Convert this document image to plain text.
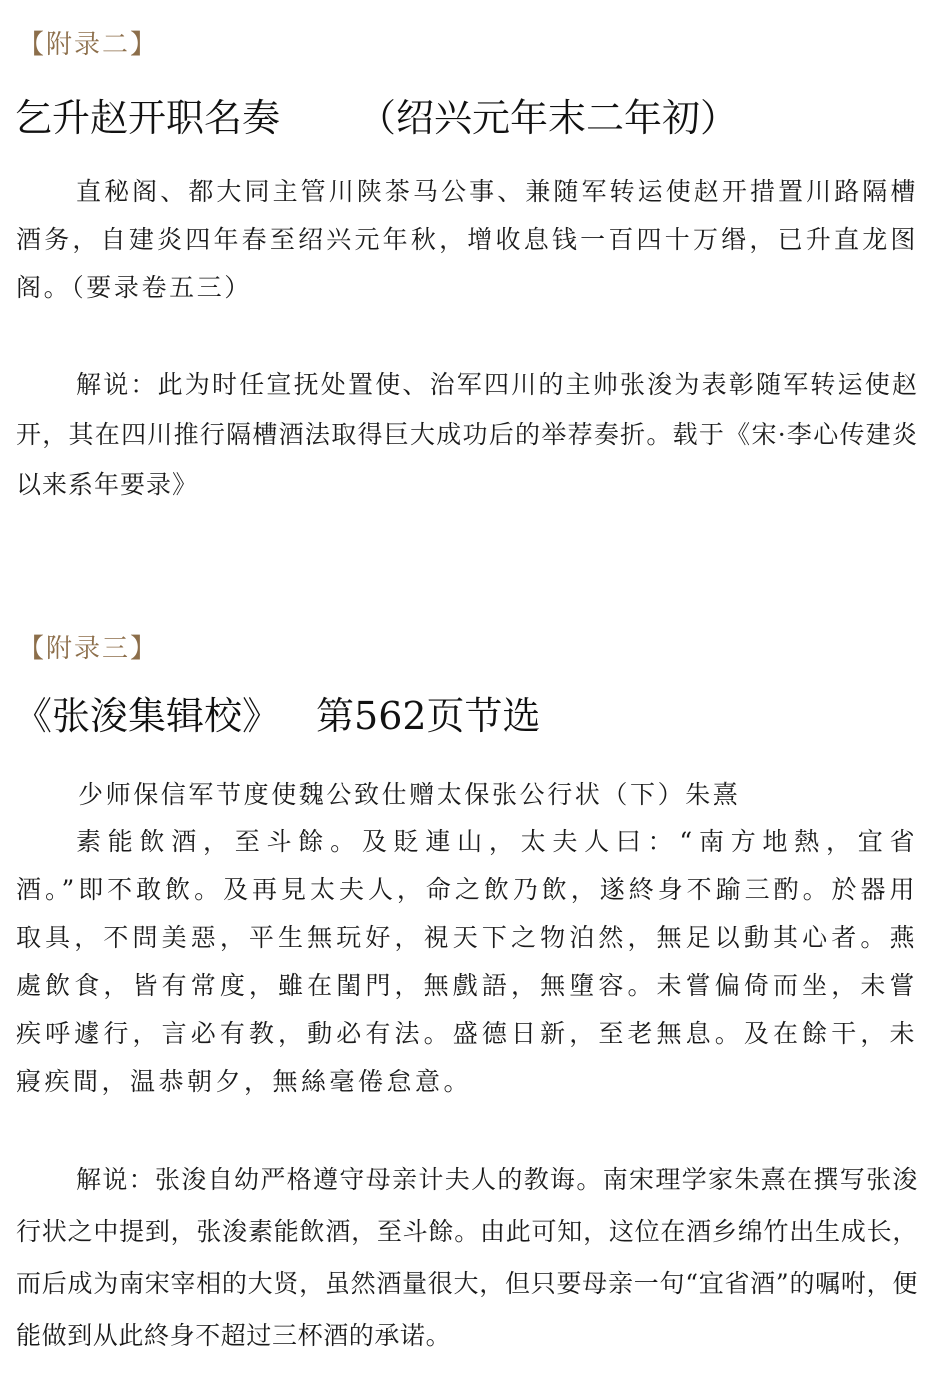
【附录二】
乞升赵开职名奏 （绍兴元年末二年初）
直秘阁、都大同主管川陕茶马公事、兼随军转运使赵开措置川路隔槽酒务，自建炎四年春至绍兴元年秋，增收息钱一百四十万缗，已升直龙图阁。（要录卷五三）
解说：此为时任宣抚处置使、治军四川的主帅张浚为表彰随军转运使赵开，其在四川推行隔槽酒法取得巨大成功后的举荐奏折。载于《宋·李心传建炎以来系年要录》
【附录三】
《张浚集辑校》 第562页节选
少师保信军节度使魏公致仕赠太保张公行状（下）朱熹
素能飲酒，至斗餘。及貶連山，太夫人曰：“南方地熱，宜省酒。”即不敢飲。及再見太夫人，命之飲乃飲，遂終身不踰三酌。於器用取具，不問美惡，平生無玩好，視天下之物泊然，無足以動其心者。燕處飲食，皆有常度，雖在閨門，無戲語，無墮容。未嘗偏倚而坐，未嘗疾呼遽行，言必有教，動必有法。盛德日新，至老無息。及在餘干，未寢疾間，温恭朝夕，無絲毫倦怠意。
解说：张浚自幼严格遵守母亲计夫人的教诲。南宋理学家朱熹在撰写张浚行状之中提到，张浚素能飲酒，至斗餘。由此可知，这位在酒乡绵竹出生成长，而后成为南宋宰相的大贤，虽然酒量很大，但只要母亲一句“宜省酒”的嘱咐，便能做到从此終身不超过三杯酒的承诺。
